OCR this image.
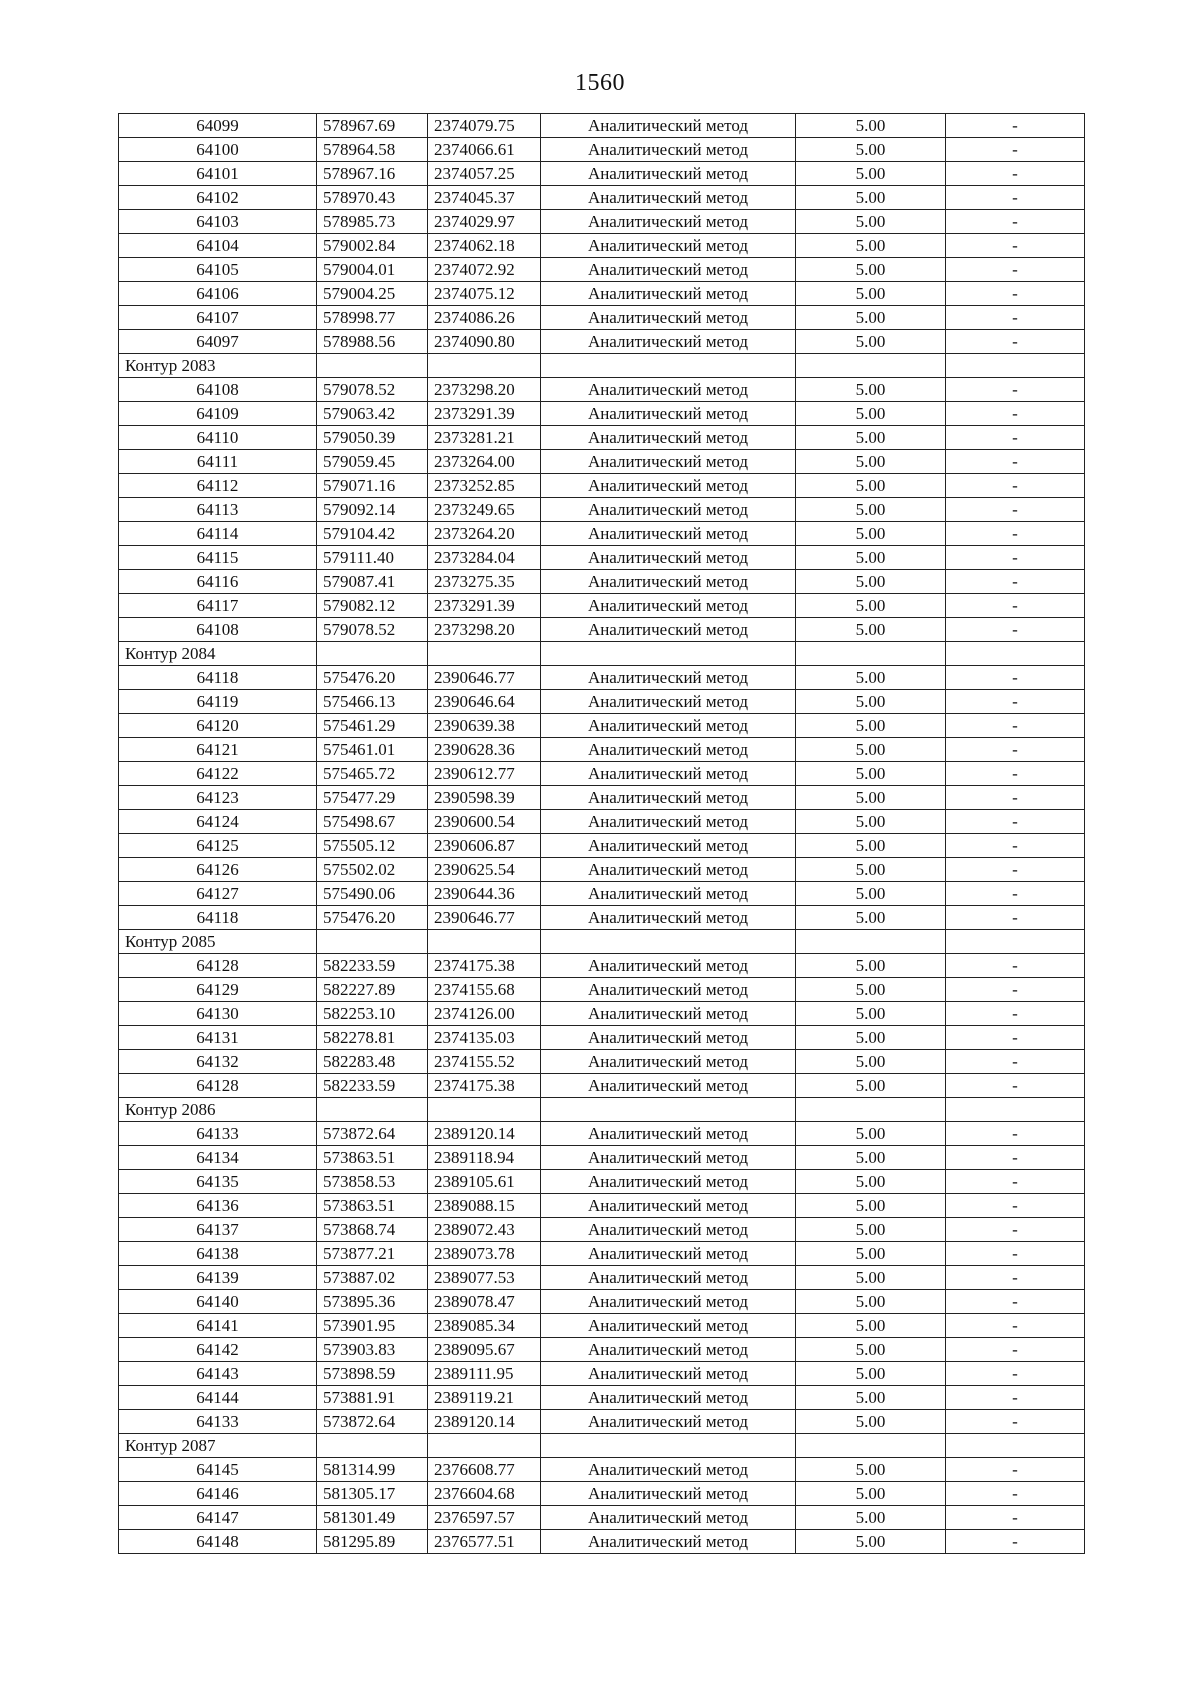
1560
64099	578967.69	2374079.75	Аналитический метод	5.00	-
64100	578964.58	2374066.61	Аналитический метод	5.00	-
64101	578967.16	2374057.25	Аналитический метод	5.00	-
64102	578970.43	2374045.37	Аналитический метод	5.00	-
64103	578985.73	2374029.97	Аналитический метод	5.00	-
64104	579002.84	2374062.18	Аналитический метод	5.00	-
64105	579004.01	2374072.92	Аналитический метод	5.00	-
64106	579004.25	2374075.12	Аналитический метод	5.00	-
64107	578998.77	2374086.26	Аналитический метод	5.00	-
64097	578988.56	2374090.80	Аналитический метод	5.00	-
Контур 2083					
64108	579078.52	2373298.20	Аналитический метод	5.00	-
64109	579063.42	2373291.39	Аналитический метод	5.00	-
64110	579050.39	2373281.21	Аналитический метод	5.00	-
64111	579059.45	2373264.00	Аналитический метод	5.00	-
64112	579071.16	2373252.85	Аналитический метод	5.00	-
64113	579092.14	2373249.65	Аналитический метод	5.00	-
64114	579104.42	2373264.20	Аналитический метод	5.00	-
64115	579111.40	2373284.04	Аналитический метод	5.00	-
64116	579087.41	2373275.35	Аналитический метод	5.00	-
64117	579082.12	2373291.39	Аналитический метод	5.00	-
64108	579078.52	2373298.20	Аналитический метод	5.00	-
Контур 2084					
64118	575476.20	2390646.77	Аналитический метод	5.00	-
64119	575466.13	2390646.64	Аналитический метод	5.00	-
64120	575461.29	2390639.38	Аналитический метод	5.00	-
64121	575461.01	2390628.36	Аналитический метод	5.00	-
64122	575465.72	2390612.77	Аналитический метод	5.00	-
64123	575477.29	2390598.39	Аналитический метод	5.00	-
64124	575498.67	2390600.54	Аналитический метод	5.00	-
64125	575505.12	2390606.87	Аналитический метод	5.00	-
64126	575502.02	2390625.54	Аналитический метод	5.00	-
64127	575490.06	2390644.36	Аналитический метод	5.00	-
64118	575476.20	2390646.77	Аналитический метод	5.00	-
Контур 2085					
64128	582233.59	2374175.38	Аналитический метод	5.00	-
64129	582227.89	2374155.68	Аналитический метод	5.00	-
64130	582253.10	2374126.00	Аналитический метод	5.00	-
64131	582278.81	2374135.03	Аналитический метод	5.00	-
64132	582283.48	2374155.52	Аналитический метод	5.00	-
64128	582233.59	2374175.38	Аналитический метод	5.00	-
Контур 2086					
64133	573872.64	2389120.14	Аналитический метод	5.00	-
64134	573863.51	2389118.94	Аналитический метод	5.00	-
64135	573858.53	2389105.61	Аналитический метод	5.00	-
64136	573863.51	2389088.15	Аналитический метод	5.00	-
64137	573868.74	2389072.43	Аналитический метод	5.00	-
64138	573877.21	2389073.78	Аналитический метод	5.00	-
64139	573887.02	2389077.53	Аналитический метод	5.00	-
64140	573895.36	2389078.47	Аналитический метод	5.00	-
64141	573901.95	2389085.34	Аналитический метод	5.00	-
64142	573903.83	2389095.67	Аналитический метод	5.00	-
64143	573898.59	2389111.95	Аналитический метод	5.00	-
64144	573881.91	2389119.21	Аналитический метод	5.00	-
64133	573872.64	2389120.14	Аналитический метод	5.00	-
Контур 2087					
64145	581314.99	2376608.77	Аналитический метод	5.00	-
64146	581305.17	2376604.68	Аналитический метод	5.00	-
64147	581301.49	2376597.57	Аналитический метод	5.00	-
64148	581295.89	2376577.51	Аналитический метод	5.00	-
